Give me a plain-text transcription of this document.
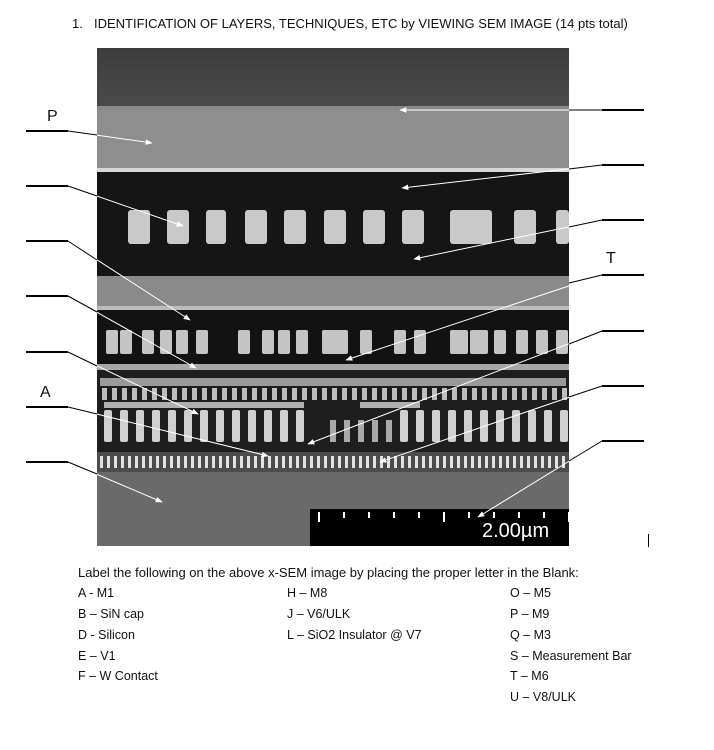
1. IDENTIFICATION OF LAYERS, TECHNIQUES, ETC by VIEWING SEM IMAGE (14 pts total)
2.00µm
P
T
A
Label the following on the above x-SEM image by placing the proper letter in the Blank:
A - M1
B – SiN cap
D - Silicon
E – V1
F – W Contact
H – M8
J – V6/ULK
L – SiO2 Insulator @ V7
O – M5
P – M9
Q – M3
S – Measurement Bar
T – M6
U – V8/ULK
